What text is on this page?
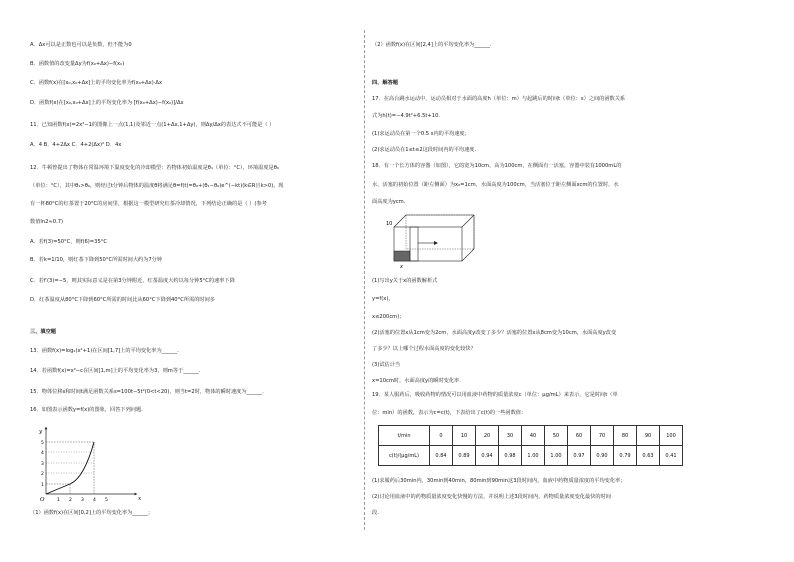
A．Δx可以是正数也可以是负数，但不能为0
B．函数值的改变量Δy为f(x₀+Δx)−f(x₀)
C．函数f(x)在[x₀,x₀+Δx]上的平均变化率为f(x₀+Δx)·Δx
D．函数f(x)在[x₀,x₀+Δx]上的平均变化率为 [f(x₀+Δx)−f(x₀)]/Δx
11．已知函数f(x)=2x²−1的图像上一点(1,1)及邻近一点(1+Δx,1+Δy)，则Δy/Δx的表达式不可能是（ ）
A．4 B．4+2Δx C．4+2(Δx)² D．4x
12．牛顿曾提出了物体在常温环境下温度变化的冷却模型：若物体初始温度是θ₁（单位：°C），环境温度是θ₀
（单位：°C），其中θ₁>θ₀，则经过t分钟后物体的温度θ将满足θ=f(t)=θ₀+(θ₁−θ₀)e^(−kt)(k∈R且k>0)。现
有一杯80°C的红茶置于20°C的房间里，根据这一模型研究红茶冷却情况，下列结论正确的是（ ）(参考
数值ln2≈0.7)
A．若f(3)=50°C，则f(6)=35°C
B．若k=1/10，则红茶下降到50°C所需时间大约为7分钟
C．若f′(3)=−5，则其实际意义是在第3分钟附近，红茶温度大约以每分钟5°C的速率下降
D．红茶温度从80°C下降到60°C所需的时间比从60°C下降到40°C所需的时间多
三、填空题
13．函数f(x)=log₂(x²+1)在区间[1,7]上的平均变化率为______.
14．若函数f(x)=x²−c在区间[1,m]上的平均变化率为3，则m等于______.
15．物体位移s和时间t满足函数关系s=100t−5t²(0<t<20)，则当t=2时，物体的瞬时速度为______.
16．如图表示函数y=f(x)的图象，回答下列问题.
y
x
O	1 2 3 4 5
1
2
3
4
5
（1）函数f(x)在区间[0,2]上的平均变化率为______；
（2）函数f(x)在区间[2,4]上的平均变化率为______.
四、解答题
17．在高台跳水运动中，运动员相对于水面的高度h（单位：m）与起跳后的时间t（单位：s）之间的函数关系
式为h(t)=−4.9t²+6.5t+10.
(1)求运动员在第一个0.5 s内的平均速度；
(2)求运动员在1≤t≤2这段时间内的平均速度.
18．有一个长方体的容器（如图），它的宽为10cm，高为100cm，在侧面有一活塞，容器中装有1000mL的
水，活塞的初始位置（距左侧面）为x₀=1cm，水面高度为100cm，当活塞位于距左侧面xcm的位置时，水
面高度为ycm.
10
x
(1)写出y关于x的函数解析式
y=f(x)，
x≤200cm)；
(2)活塞的位置x从1cm变为2cm，水面高度y改变了多少？活塞的位置x从8cm变为10cm，水面高度y改变
了多少？以上哪个过程水面高度的变化较快？
(3)试估计当
x=10cm时，水面高度y的瞬时变化率.
19．某人服药后，吸收药物的情况可以用血液中药物的质量浓度c（单位：μg/mL）来表示，它是时间t（单
位：min）的函数，表示为c=c(t)，下表给出了c(t)的一些函数值：
t/min	0	10	20	30	40	50	60	70	80	90	100
c(t)/(μg/mL)	0.84	0.89	0.94	0.98	1.00	1.00	0.97	0.90	0.79	0.63	0.41
(1)求服药后30min内，30min到40min，80min到90min这3段时间内，血液中药物质量浓度的平均变化率；
(2)讨论用血液中的药物质量浓度变化快慢的方法，并说明上述3段时间内，药物质量浓度变化最快的时间
段.
